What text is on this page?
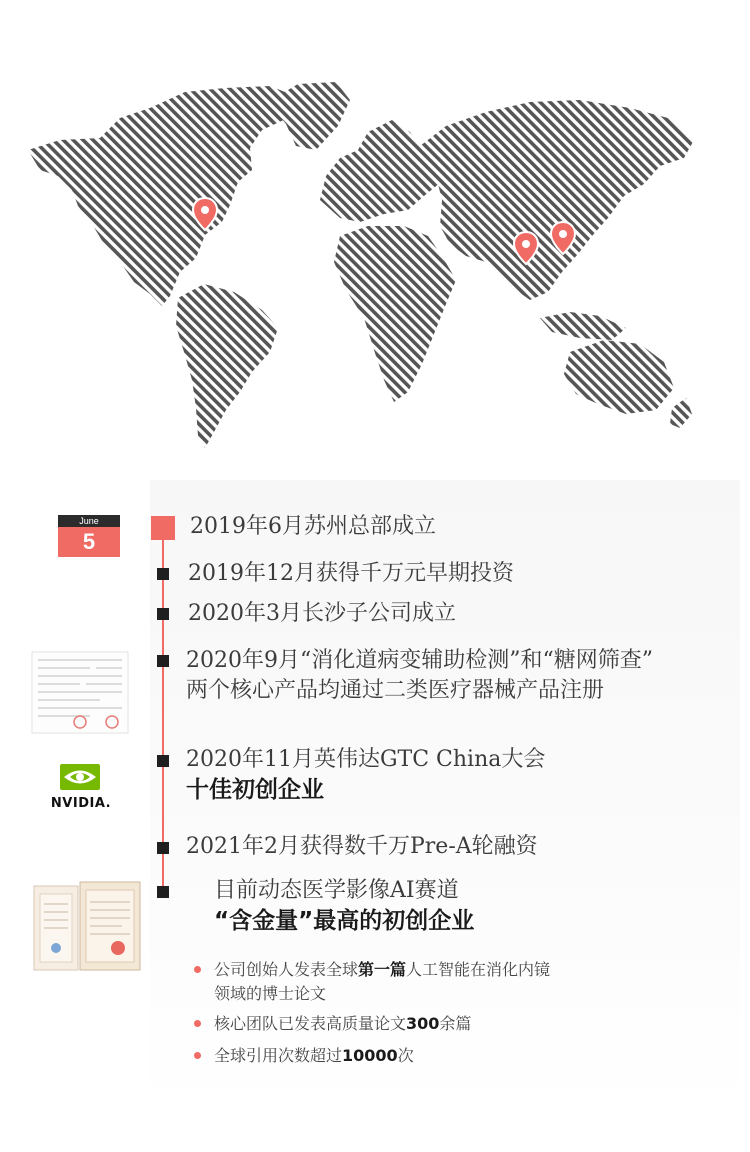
June
5
2019年6月苏州总部成立
2019年12月获得千万元早期投资
2020年3月长沙子公司成立
2020年9月“消化道病变辅助检测”和“糖网筛查”
两个核心产品均通过二类医疗器械产品注册
2020年11月英伟达GTC China大会
十佳初创企业
2021年2月获得数千万Pre-A轮融资
目前动态医学影像AI赛道
“含金量”最高的初创企业
公司创始人发表全球第一篇人工智能在消化内镜
领域的博士论文
核心团队已发表高质量论文300余篇
全球引用次数超过10000次
NVIDIA.
